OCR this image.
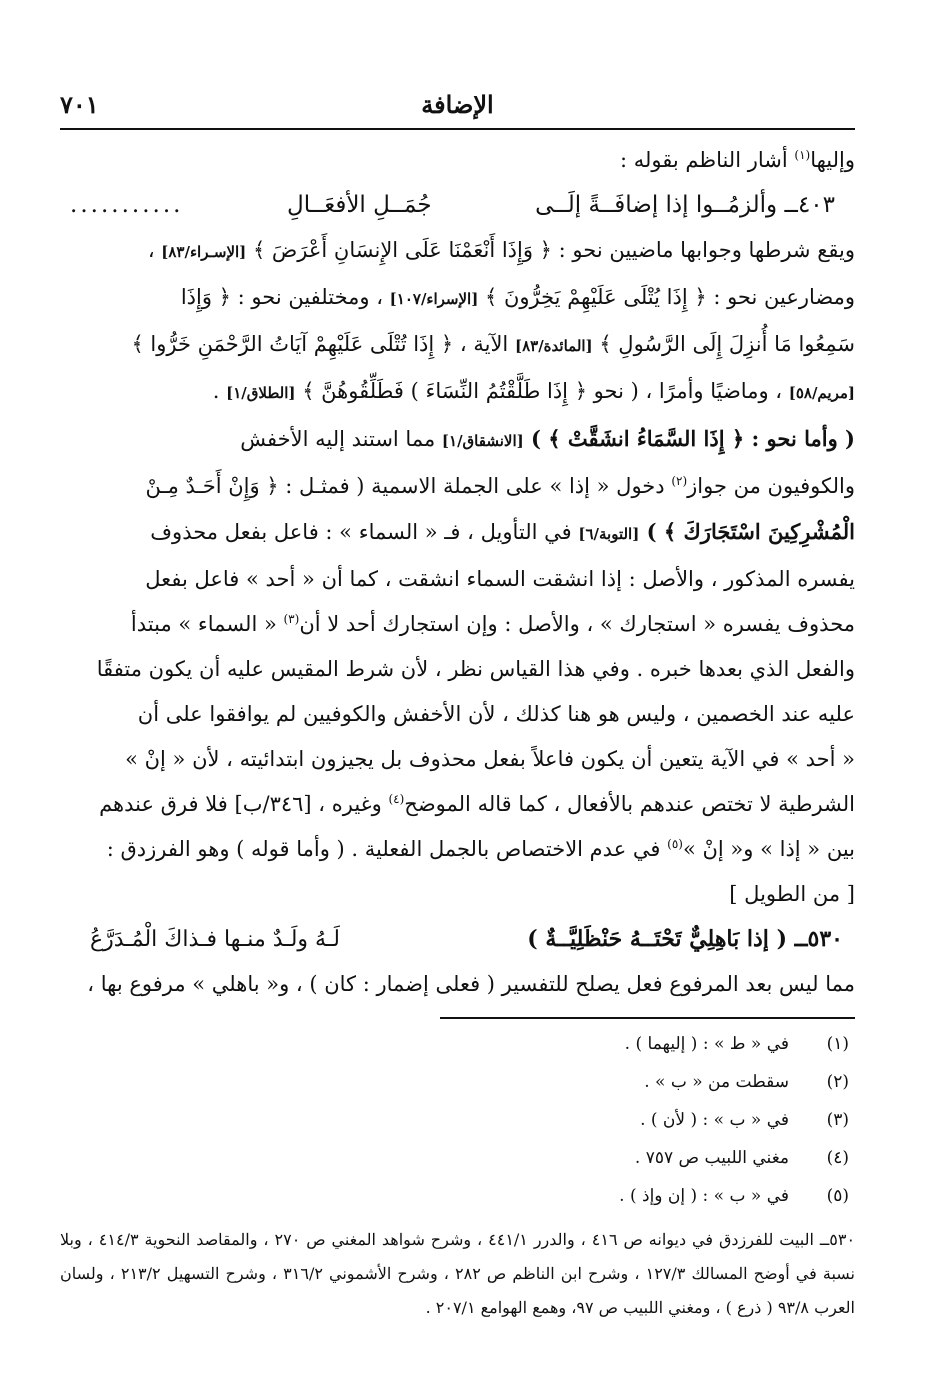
الإضافة
٧٠١

وإليها$^{(١)}$ أشار الناظم بقوله :

٤٠٣ــ وألزمُــوا إذا إضافَــةً إلَــى
جُمَــلِ الأفعَــالِ
...........

ويقع شرطها وجوابها ماضيين نحو : ﴿ وَإِذَا أَنْعَمْنَا عَلَى الإِنسَانِ أَعْرَضَ ﴾ [الإسـراء/٨٣] ،

ومضارعين نحو : ﴿ إِذَا يُتْلَى عَلَيْهِمْ يَخِرُّونَ ﴾ [الإسراء/١٠٧] ، ومختلفين نحو : ﴿ وَإِذَا

سَمِعُوا مَا أُنزِلَ إِلَى الرَّسُولِ ﴾ [المائدة/٨٣] الآية ، ﴿ إِذَا تُتْلَى عَلَيْهِمْ آيَاتُ الرَّحْمَنِ خَرُّوا ﴾

[مريم/٥٨] ، وماضيًا وأمرًا ، ( نحو ﴿ إِذَا طَلَّقْتُمُ النِّسَاءَ ) فَطَلِّقُوهُنَّ ﴾ [الطلاق/١] .

( وأما نحو : ﴿ إِذَا السَّمَاءُ انشَقَّتْ ﴾ ) [الانشقاق/١] مما استند إليه الأخفش

والكوفيون من جواز$^{(٢)}$ دخول « إذا » على الجملة الاسمية ( فمثـل : ﴿ وَإِنْ أَحَـدٌ مِـنْ

الْمُشْرِكِينَ اسْتَجَارَكَ ﴾ ) [التوبة/٦] في التأويل ، فـ « السماء » : فاعل بفعل محذوف

يفسره المذكور ، والأصل : إذا انشقت السماء انشقت ، كما أن « أحد » فاعل بفعل

محذوف يفسره « استجارك » ، والأصل : وإن استجارك أحد لا أن$^{(٣)}$ « السماء » مبتدأ

والفعل الذي بعدها خبره . وفي هذا القياس نظر ، لأن شرط المقيس عليه أن يكون متفقًا

عليه عند الخصمين ، وليس هو هنا كذلك ، لأن الأخفش والكوفيين لم يوافقوا على أن

« أحد » في الآية يتعين أن يكون فاعلاً بفعل محذوف بل يجيزون ابتدائيته ، لأن « إنْ »

الشرطية لا تختص عندهم بالأفعال ، كما قاله الموضح$^{(٤)}$ وغيره ، [٣٤٦/ب] فلا فرق عندهم

بين « إذا » و« إنْ »$^{(٥)}$ في عدم الاختصاص بالجمل الفعلية . ( وأما قوله ) وهو الفرزدق :

[ من الطويل ]

٥٣٠ــ ( إذا بَاهِلِيٌّ تَحْتَــهُ حَنْظَلِيَّــةٌ )
لَـهُ ولَـدٌ منـها فـذاكَ الْمُـدَرَّعُ

مما ليس بعد المرفوع فعل يصلح للتفسير ( فعلى إضمار : كان ) ، و« باهلي » مرفوع بها ،

(١)في « ط » : ( إليهما ) .
(٢)سقطت من « ب » .
(٣)في « ب » : ( لأن ) .
(٤)مغني اللبيب ص ٧٥٧ .
(٥)في « ب » : ( إن وإذ ) .
٥٣٠ــ البيت للفرزدق في ديوانه ص ٤١٦ ، والدرر ٤٤١/١ ، وشرح شواهد المغني ص ٢٧٠ ، والمقاصد النحوية ٤١٤/٣ ، وبلا نسبة في أوضح المسالك ١٢٧/٣ ، وشرح ابن الناظم ص ٢٨٢ ، وشرح الأشموني ٣١٦/٢ ، وشرح التسهيل ٢١٣/٢ ، ولسان العرب ٩٣/٨ ( ذرع ) ، ومغني اللبيب ص ٩٧، وهمع الهوامع ٢٠٧/١ .
